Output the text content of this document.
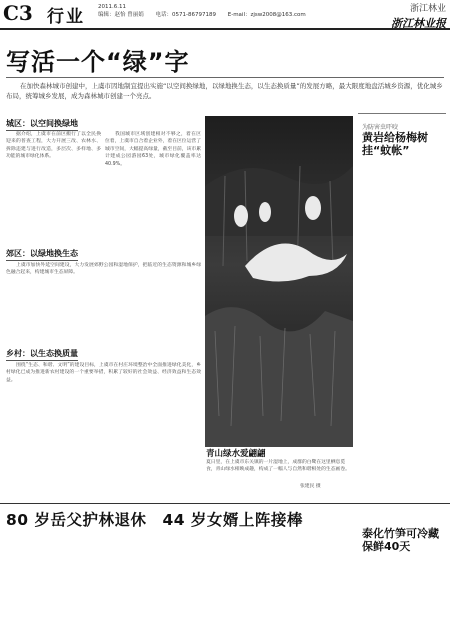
C3 行业 2011.6.11
编辑：赵怡 曾丽娟 电话：0571-86797189 E-mail：zjsw2008@163.com
浙江林业
浙江林业报
写活一个“绿”字
在加快森林城市创建中，上虞市因地制宜提出实施“以空间换绿地，以绿地换生态，以生态换质量”的发展方略，最大限度地盘活城乡资源，优化城乡布局，统筹城乡发展，成为森林城市创建一个亮点。
城区：以空间换绿地
据介绍，上虞市在前区搬行了以全民换迎来的普查工程，大力开展三改、农林水、拆除违建与进行改造，多层次、多样地、多功能的城市绿化体系。
我国城市区域创建相对不够之，着在区位着，上虞市自合着企业外，着在区位运营了城市空间，大幅提高绿量，截至目前，该市累计建成公园游园63处，城市绿化覆盖率达40.9%。
郊区：以绿地换生态
上虞市加快外延空间建设，大力发展郊野公园和湿地保护，把临近的生态资源和城乡绿色融合起来，构建城市生态屏障。
乡村：以生态换质量
围绕“生态、和谐、文明”的建设目标，上虞市在村庄环境整治中全面推进绿化美化，乡村绿化已成为推进新农村建设的一个重要举措，积累了较好的社会效益、经济效益和生态效益。
青山绿水爱翩翩
夏日里，在上虞市东关镇的一片湿地上，成群的白鹭在这里栖息觅食，青山绿水相映成趣，构成了一幅人与自然和谐相处的生态画卷。
张建民 摄
为防害虫吓咬
黄岩给杨梅树挂“蚊帐”
泰化竹笋可冷藏保鲜40天
80 岁岳父护林退休　44 岁女婿上阵接棒
